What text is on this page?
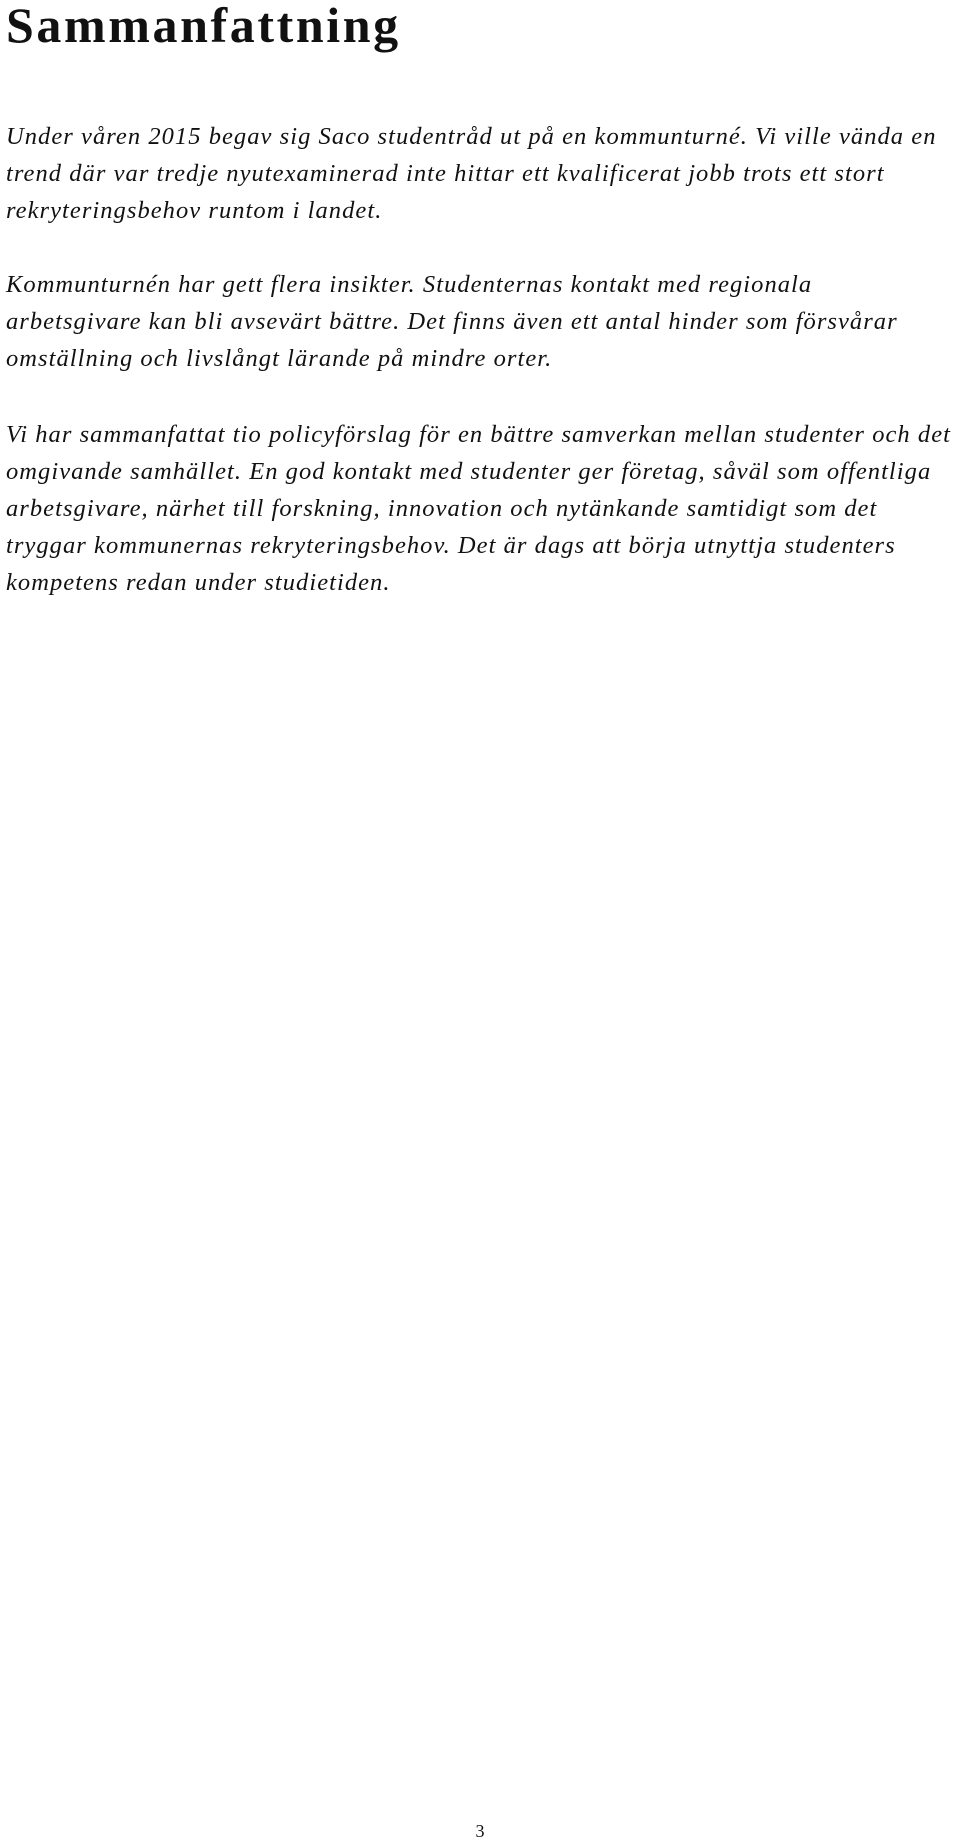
Sammanfattning

Under våren 2015 begav sig Saco studentråd ut på en kommunturné. Vi ville vända en trend där var tredje nyutexaminerad inte hittar ett kvalificerat jobb trots ett stort rekryteringsbehov runtom i landet.

Kommunturnén har gett flera insikter. Studenternas kontakt med regionala arbetsgivare kan bli avsevärt bättre. Det finns även ett antal hinder som försvårar omställning och livslångt lärande på mindre orter.

Vi har sammanfattat tio policyförslag för en bättre samverkan mellan studenter och det omgivande samhället. En god kontakt med studenter ger företag, såväl som offentliga arbetsgivare, närhet till forskning, innovation och nytänkande samtidigt som det tryggar kommunernas rekryteringsbehov. Det är dags att börja utnyttja studenters kompetens redan under studietiden.

3
